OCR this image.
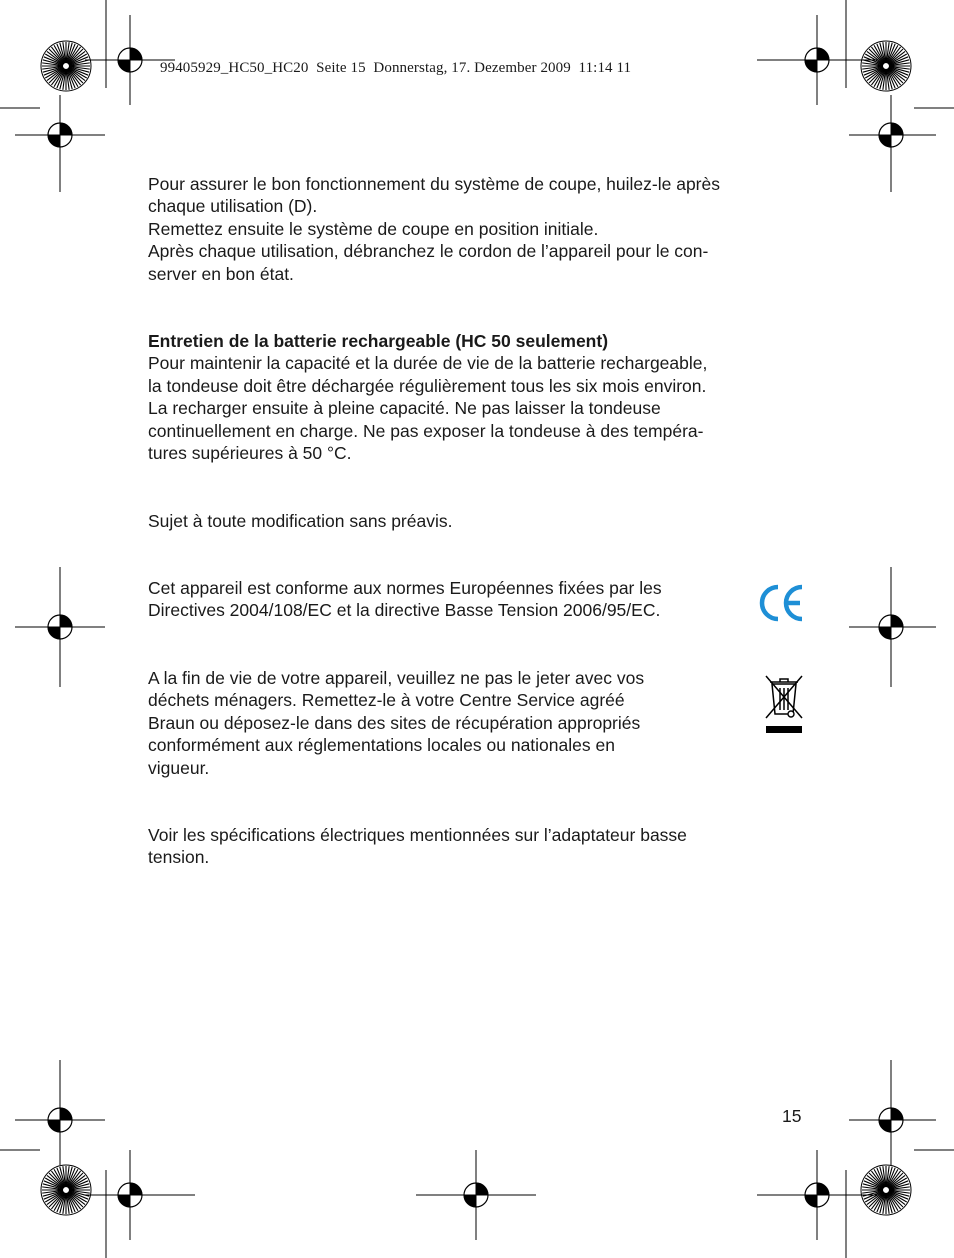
99405929_HC50_HC20  Seite 15  Donnerstag, 17. Dezember 2009  11:14 11
Pour assurer le bon fonctionnement du système de coupe, huilez-le après
chaque utilisation (D).
Remettez ensuite le système de coupe en position initiale.
Après chaque utilisation, débranchez le cordon de l’appareil pour le con-
server en bon état.
Entretien de la batterie rechargeable (HC 50 seulement)
Pour maintenir la capacité et la durée de vie de la batterie rechargeable,
la tondeuse doit être déchargée régulièrement tous les six mois environ.
La recharger ensuite à pleine capacité. Ne pas laisser la tondeuse
continuellement en charge. Ne pas exposer la tondeuse à des tempéra-
tures supérieures à 50 °C.
Sujet à toute modification sans préavis.
Cet appareil est conforme aux normes Européennes fixées par les
Directives 2004/108/EC et la directive Basse Tension 2006/95/EC.
A la fin de vie de votre appareil, veuillez ne pas le jeter avec vos
déchets ménagers. Remettez-le à votre Centre Service agréé
Braun ou déposez-le dans des sites de récupération appropriés
conformément aux réglementations locales ou nationales en
vigueur.
Voir les spécifications électriques mentionnées sur l’adaptateur basse
tension.
15
